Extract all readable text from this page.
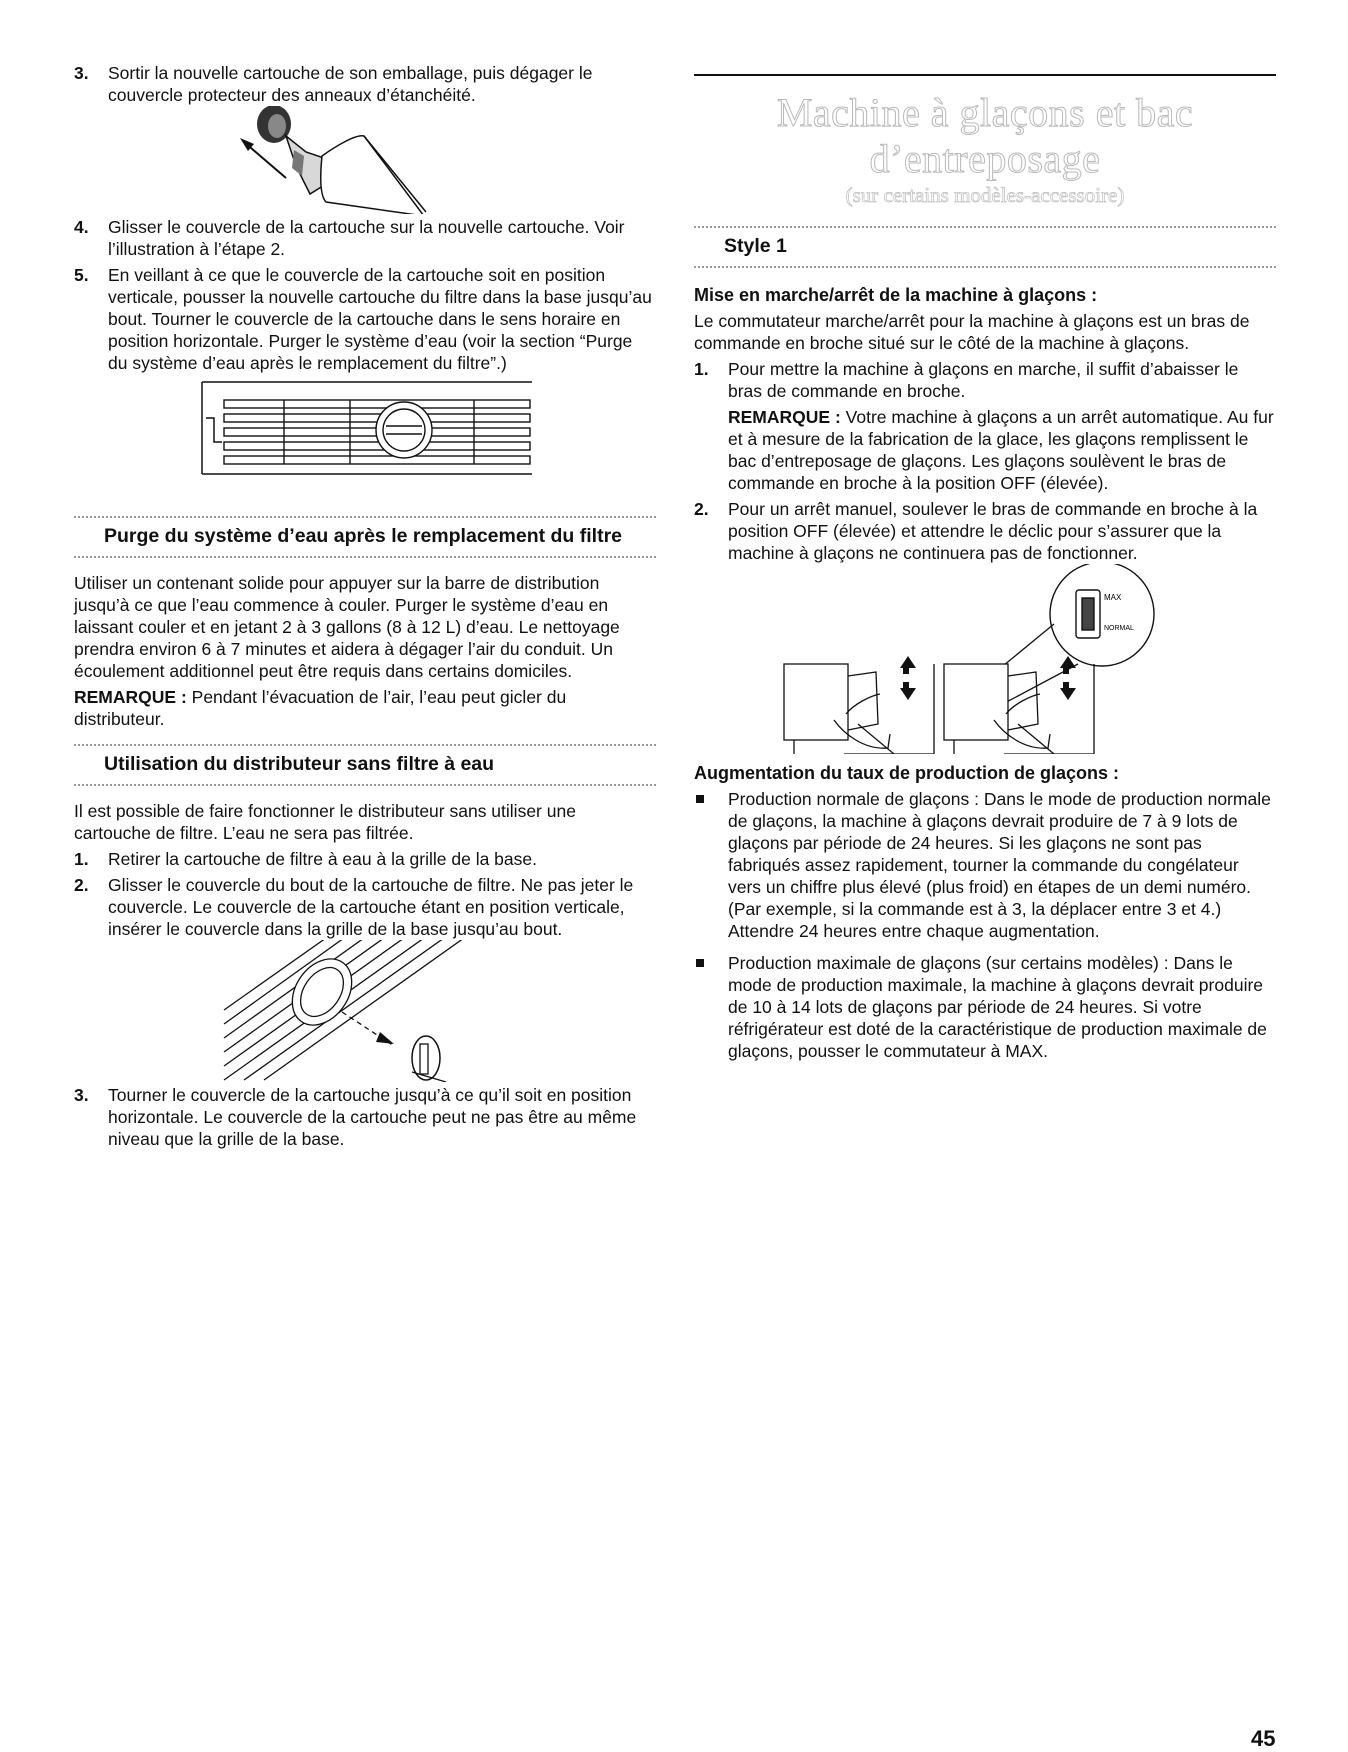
3. Sortir la nouvelle cartouche de son emballage, puis dégager le couvercle protecteur des anneaux d’étanchéité.
4. Glisser le couvercle de la cartouche sur la nouvelle cartouche. Voir l’illustration à l’étape 2.
5. En veillant à ce que le couvercle de la cartouche soit en position verticale, pousser la nouvelle cartouche du filtre dans la base jusqu’au bout. Tourner le couvercle de la cartouche dans le sens horaire en position horizontale. Purger le système d’eau (voir la section “Purge du système d’eau après le remplacement du filtre”.)
Purge du système d’eau après le remplacement du filtre

Utiliser un contenant solide pour appuyer sur la barre de distribution jusqu’à ce que l’eau commence à couler. Purger le système d’eau en laissant couler et en jetant 2 à 3 gallons (8 à 12 L) d’eau. Le nettoyage prendra environ 6 à 7 minutes et aidera à dégager l’air du conduit. Un écoulement additionnel peut être requis dans certains domiciles.

REMARQUE : Pendant l’évacuation de l’air, l’eau peut gicler du distributeur.

Utilisation du distributeur sans filtre à eau

Il est possible de faire fonctionner le distributeur sans utiliser une cartouche de filtre. L’eau ne sera pas filtrée.

1. Retirer la cartouche de filtre à eau à la grille de la base.
2. Glisser le couvercle du bout de la cartouche de filtre. Ne pas jeter le couvercle. Le couvercle de la cartouche étant en position verticale, insérer le couvercle dans la grille de la base jusqu’au bout.
3. Tourner le couvercle de la cartouche jusqu’à ce qu’il soit en position horizontale. Le couvercle de la cartouche peut ne pas être au même niveau que la grille de la base.
Machine à glaçons et bac d’entreposage
(sur certains modèles-accessoire)
Style 1
Mise en marche/arrêt de la machine à glaçons :

Le commutateur marche/arrêt pour la machine à glaçons est un bras de commande en broche situé sur le côté de la machine à glaçons.

1. Pour mettre la machine à glaçons en marche, il suffit d’abaisser le bras de commande en broche.

REMARQUE : Votre machine à glaçons a un arrêt automatique. Au fur et à mesure de la fabrication de la glace, les glaçons remplissent le bac d’entreposage de glaçons. Les glaçons soulèvent le bras de commande en broche à la position OFF (élevée).

2. Pour un arrêt manuel, soulever le bras de commande en broche à la position OFF (élevée) et attendre le déclic pour s’assurer que la machine à glaçons ne continuera pas de fonctionner.
MAX
NORMAL
Augmentation du taux de production de glaçons :
Production normale de glaçons : Dans le mode de production normale de glaçons, la machine à glaçons devrait produire de 7 à 9 lots de glaçons par période de 24 heures. Si les glaçons ne sont pas fabriqués assez rapidement, tourner la commande du congélateur vers un chiffre plus élevé (plus froid) en étapes de un demi numéro. (Par exemple, si la commande est à 3, la déplacer entre 3 et 4.) Attendre 24 heures entre chaque augmentation.
Production maximale de glaçons (sur certains modèles) : Dans le mode de production maximale, la machine à glaçons devrait produire de 10 à 14 lots de glaçons par période de 24 heures. Si votre réfrigérateur est doté de la caractéristique de production maximale de glaçons, pousser le commutateur à MAX.
45
